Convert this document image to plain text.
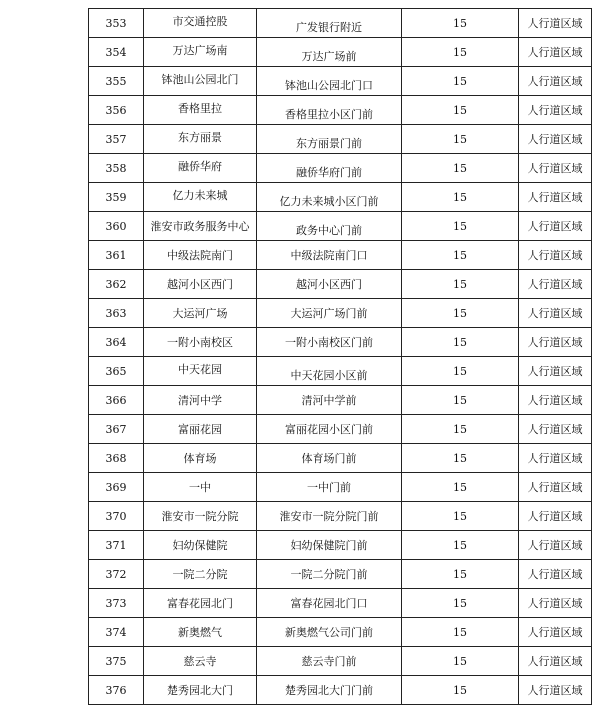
353	市交通控股	广发银行附近	15	人行道区域
354	万达广场南	万达广场前	15	人行道区域
355	钵池山公园北门	钵池山公园北门口	15	人行道区域
356	香格里拉	香格里拉小区门前	15	人行道区域
357	东方丽景	东方丽景门前	15	人行道区域
358	融侨华府	融侨华府门前	15	人行道区域
359	亿力未来城	亿力未来城小区门前	15	人行道区域
360	淮安市政务服务中心	政务中心门前	15	人行道区域
361	中级法院南门	中级法院南门口	15	人行道区域
362	越河小区西门	越河小区西门	15	人行道区域
363	大运河广场	大运河广场门前	15	人行道区域
364	一附小南校区	一附小南校区门前	15	人行道区域
365	中天花园	中天花园小区前	15	人行道区域
366	清河中学	清河中学前	15	人行道区域
367	富丽花园	富丽花园小区门前	15	人行道区域
368	体育场	体育场门前	15	人行道区域
369	一中	一中门前	15	人行道区域
370	淮安市一院分院	淮安市一院分院门前	15	人行道区域
371	妇幼保健院	妇幼保健院门前	15	人行道区域
372	一院二分院	一院二分院门前	15	人行道区域
373	富春花园北门	富春花园北门口	15	人行道区域
374	新奥燃气	新奥燃气公司门前	15	人行道区域
375	慈云寺	慈云寺门前	15	人行道区域
376	楚秀园北大门	楚秀园北大门门前	15	人行道区域
